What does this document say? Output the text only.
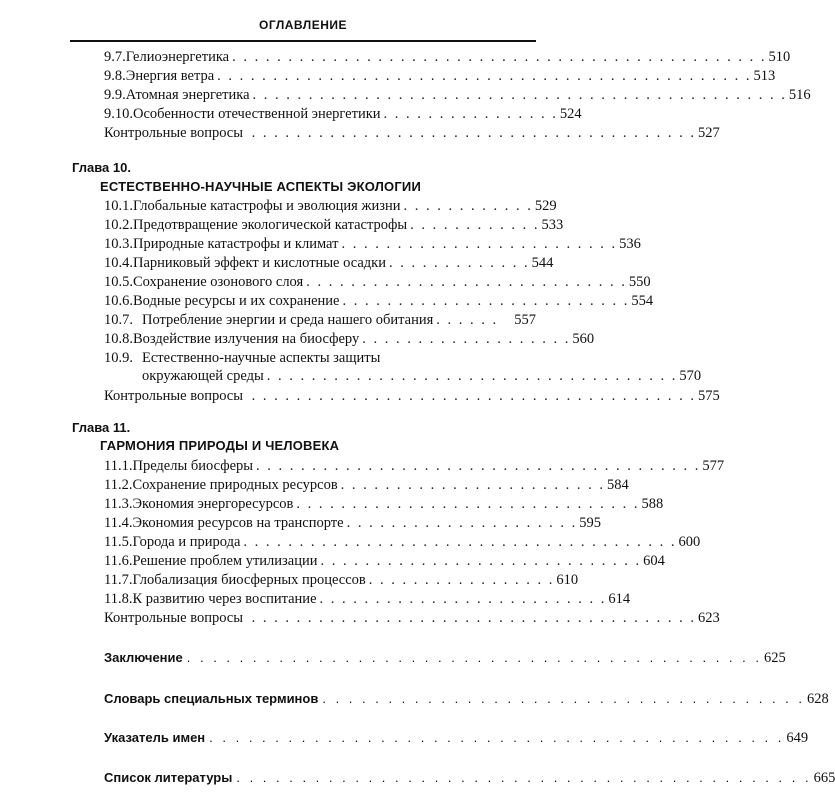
ОГЛАВЛЕНИЕ
9.7. Гелиоэнергетика . . . . . . . . . . . . . . . . . . . . . . . . . . . . . . . . . . . . . . . . . . . . . . . . 510
9.8. Энергия ветра . . . . . . . . . . . . . . . . . . . . . . . . . . . . . . . . . . . . . . . . . . . . . . . . 513
9.9. Атомная энергетика . . . . . . . . . . . . . . . . . . . . . . . . . . . . . . . . . . . . . . . . . . . . . . . . 516
9.10. Особенности отечественной энергетики . . . . . . . . . . . . . . . . 524
Контрольные вопросы . . . . . . . . . . . . . . . . . . . . . . . . . . . . . . . . . . . . . . . . 527
Глава 10.
ЕСТЕСТВЕННО-НАУЧНЫЕ АСПЕКТЫ ЭКОЛОГИИ
10.1. Глобальные катастрофы и эволюция жизни . . . . . . . . . . . . 529
10.2. Предотвращение экологической катастрофы . . . . . . . . . . . . 533
10.3. Природные катастрофы и климат . . . . . . . . . . . . . . . . . . . . . . . . . 536
10.4. Парниковый эффект и кислотные осадки . . . . . . . . . . . . . 544
10.5. Сохранение озонового слоя . . . . . . . . . . . . . . . . . . . . . . . . . . . . . 550
10.6. Водные ресурсы и их сохранение . . . . . . . . . . . . . . . . . . . . . . . . . . 554
10.7. Потребление энергии и среда нашего обитания . . . . . .	557
10.8. Воздействие излучения на биосферу . . . . . . . . . . . . . . . . . . . 560
10.9. Естественно-научные аспекты защиты
окружающей среды . . . . . . . . . . . . . . . . . . . . . . . . . . . . . . . . . . . . . 570
Контрольные вопросы . . . . . . . . . . . . . . . . . . . . . . . . . . . . . . . . . . . . . . . . 575
Глава 11.
ГАРМОНИЯ ПРИРОДЫ И ЧЕЛОВЕКА
11.1. Пределы биосферы . . . . . . . . . . . . . . . . . . . . . . . . . . . . . . . . . . . . . . . . 577
11.2. Сохранение природных ресурсов . . . . . . . . . . . . . . . . . . . . . . . . 584
11.3. Экономия энергоресурсов . . . . . . . . . . . . . . . . . . . . . . . . . . . . . . . 588
11.4. Экономия ресурсов на транспорте . . . . . . . . . . . . . . . . . . . . . 595
11.5. Города и природа . . . . . . . . . . . . . . . . . . . . . . . . . . . . . . . . . . . . . . . 600
11.6. Решение проблем утилизации . . . . . . . . . . . . . . . . . . . . . . . . . . . . . 604
11.7. Глобализация биосферных процессов . . . . . . . . . . . . . . . . . 610
11.8. К развитию через воспитание . . . . . . . . . . . . . . . . . . . . . . . . . . 614
Контрольные вопросы . . . . . . . . . . . . . . . . . . . . . . . . . . . . . . . . . . . . . . . . 623
Заключение . . . . . . . . . . . . . . . . . . . . . . . . . . . . . . . . . . . . . . . . . . . . 625
Словарь специальных терминов . . . . . . . . . . . . . . . . . . . . . . . . . . . . . . . . . . . . . 628
Указатель имен . . . . . . . . . . . . . . . . . . . . . . . . . . . . . . . . . . . . . . . . . . . . 649
Список литературы . . . . . . . . . . . . . . . . . . . . . . . . . . . . . . . . . . . . . . . . . . . . 665
